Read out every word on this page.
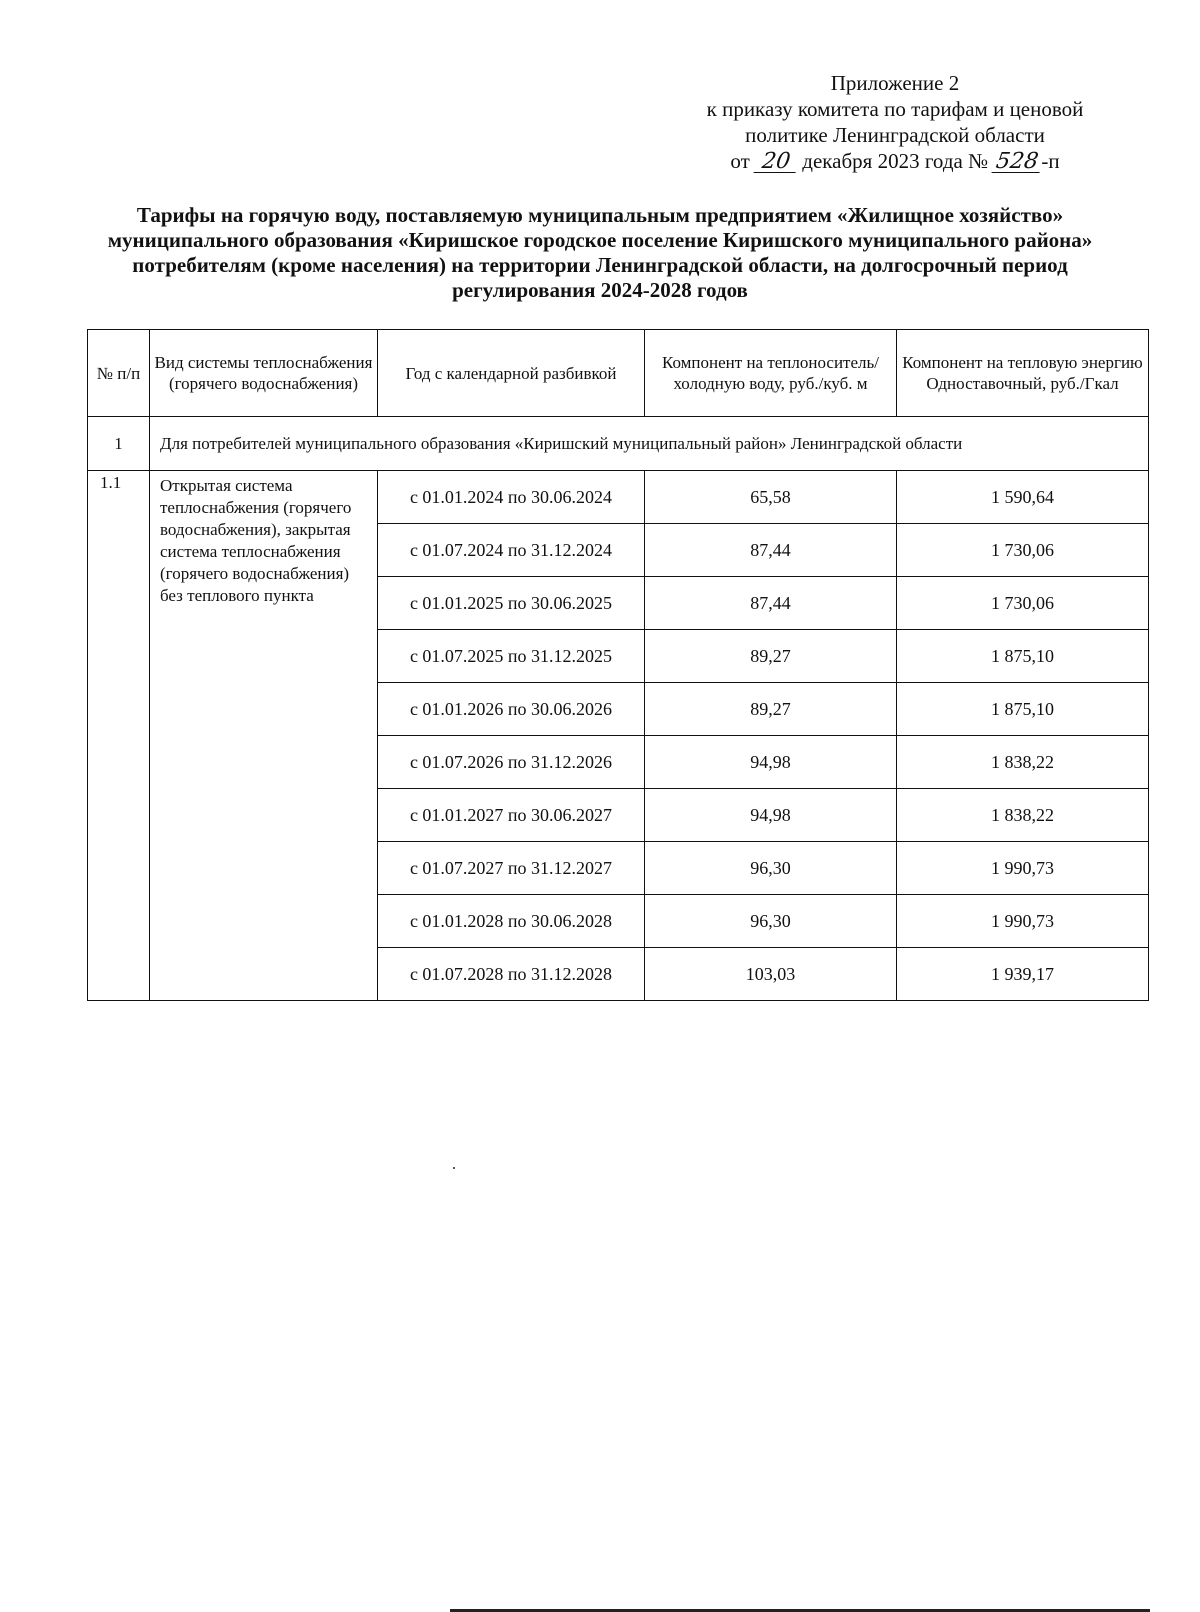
Приложение 2
к приказу комитета по тарифам и ценовой
политике Ленинградской области
от 20 декабря 2023 года № 528-п
Тарифы на горячую воду, поставляемую муниципальным предприятием «Жилищное хозяйство» муниципального образования «Киришское городское поселение Киришского муниципального района» потребителям (кроме населения) на территории Ленинградской области, на долгосрочный период регулирования 2024-2028 годов
№ п/п	Вид системы теплоснабжения (горячего водоснабжения)	Год с календарной разбивкой	Компонент на теплоноситель/холодную воду, руб./куб. м	Компонент на тепловую энергию Одноставочный, руб./Гкал
1	Для потребителей муниципального образования «Киришский муниципальный район» Ленинградской области			
1.1	Открытая система теплоснабжения (горячего водоснабжения), закрытая система теплоснабжения (горячего водоснабжения) без теплового пункта	с 01.01.2024 по 30.06.2024	65,58	1 590,64
		с 01.07.2024 по 31.12.2024	87,44	1 730,06
		с 01.01.2025 по 30.06.2025	87,44	1 730,06
		с 01.07.2025 по 31.12.2025	89,27	1 875,10
		с 01.01.2026 по 30.06.2026	89,27	1 875,10
		с 01.07.2026 по 31.12.2026	94,98	1 838,22
		с 01.01.2027 по 30.06.2027	94,98	1 838,22
		с 01.07.2027 по 31.12.2027	96,30	1 990,73
		с 01.01.2028 по 30.06.2028	96,30	1 990,73
		с 01.07.2028 по 31.12.2028	103,03	1 939,17
